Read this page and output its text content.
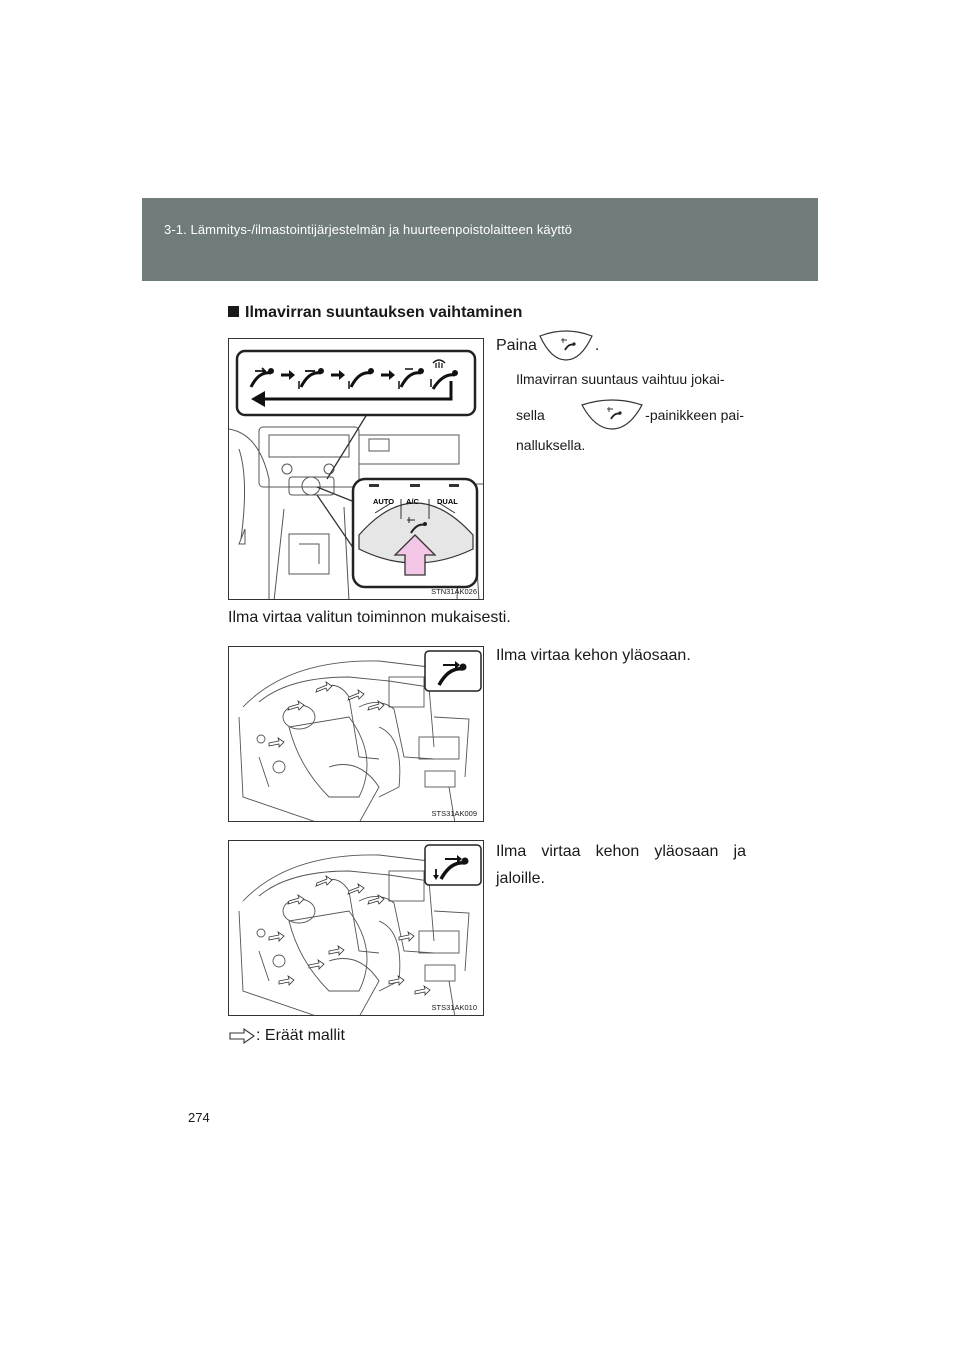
3-1. Lämmitys-/ilmastointijärjestelmän ja huurteenpoistolaitteen käyttö
Ilmavirran suuntauksen vaihtaminen
AUTO A/C DUAL
STN31AK026
Paina	.
Ilmavirran suuntaus vaihtuu jokai-
sella	-painikkeen pai-
nalluksella.
Ilma virtaa valitun toiminnon mukaisesti.
STS31AK009
Ilma virtaa kehon yläosaan.
STS31AK010
Ilma virtaa kehon yläosaan ja jaloille.
: Eräät mallit
274
